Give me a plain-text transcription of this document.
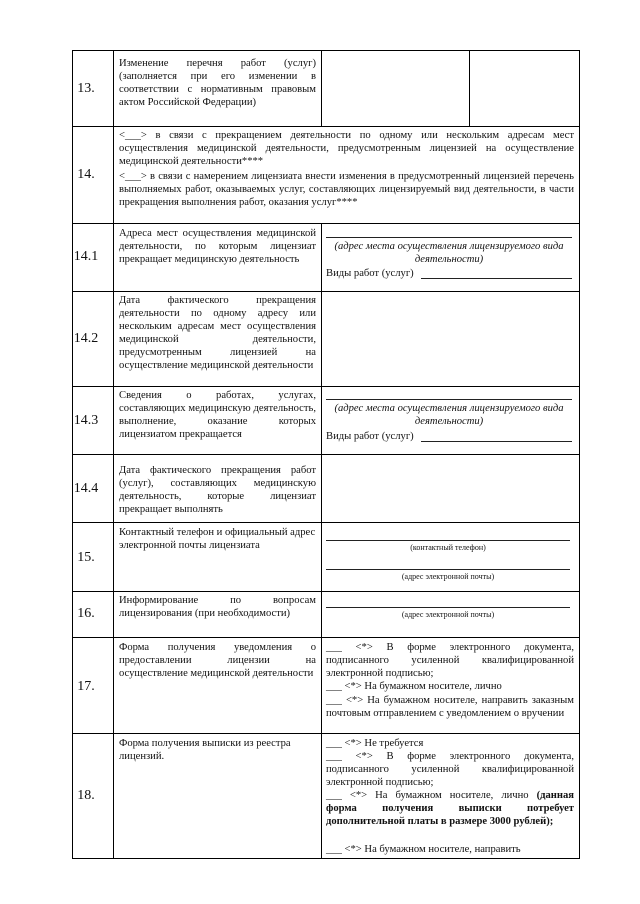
13.
Изменение перечня работ (услуг) (заполняется при его изменении в соответствии с нормативным правовым актом Российской Федерации)
14.
<___> в связи с прекращением деятельности по одному или нескольким адресам мест осуществления медицинской деятельности, предусмотренным лицензией на осуществление медицинской деятельности****
<___> в связи с намерением лицензиата внести изменения в предусмотренный лицензией перечень выполняемых работ, оказываемых услуг, составляющих лицензируемый вид деятельности, в части прекращения выполнения работ, оказания услуг****
14.1
Адреса мест осуществления медицинской деятельности, по которым лицензиат прекращает медицинскую деятельность
(адрес места осуществления лицензируемого вида деятельности)
Виды работ (услуг)
14.2
Дата фактического прекращения деятельности по одному адресу или нескольким адресам мест осуществления медицинской деятельности, предусмотренным лицензией на осуществление медицинской деятельности
14.3
Сведения о работах, услугах, составляющих медицинскую деятельность, выполнение, оказание которых лицензиатом прекращается
(адрес места осуществления лицензируемого вида деятельности)
Виды работ (услуг)
14.4
Дата фактического прекращения работ (услуг), составляющих медицинскую деятельность, которые лицензиат прекращает выполнять
15.
Контактный телефон и официальный адрес электронной почты лицензиата	(контактный телефон)
(адрес электронной почты)
16.
Информирование по вопросам лицензирования (при необходимости)	(адрес электронной почты)
17.
Форма получения уведомления о предоставлении лицензии на осуществление медицинской деятельности
___ <*> В форме электронного документа, подписанного усиленной квалифицированной электронной подписью;
___ <*> На бумажном носителе, лично
___ <*> На бумажном носителе, направить заказным почтовым отправлением с уведомлением о вручении
18.
Форма получения выписки из реестра лицензий.
___ <*> Не требуется
___ <*> В форме электронного документа, подписанного усиленной квалифицированной электронной подписью;
___ <*> На бумажном носителе, лично (данная форма получения выписки потребует дополнительной платы в размере 3000 рублей);
___ <*> На бумажном носителе, направить
